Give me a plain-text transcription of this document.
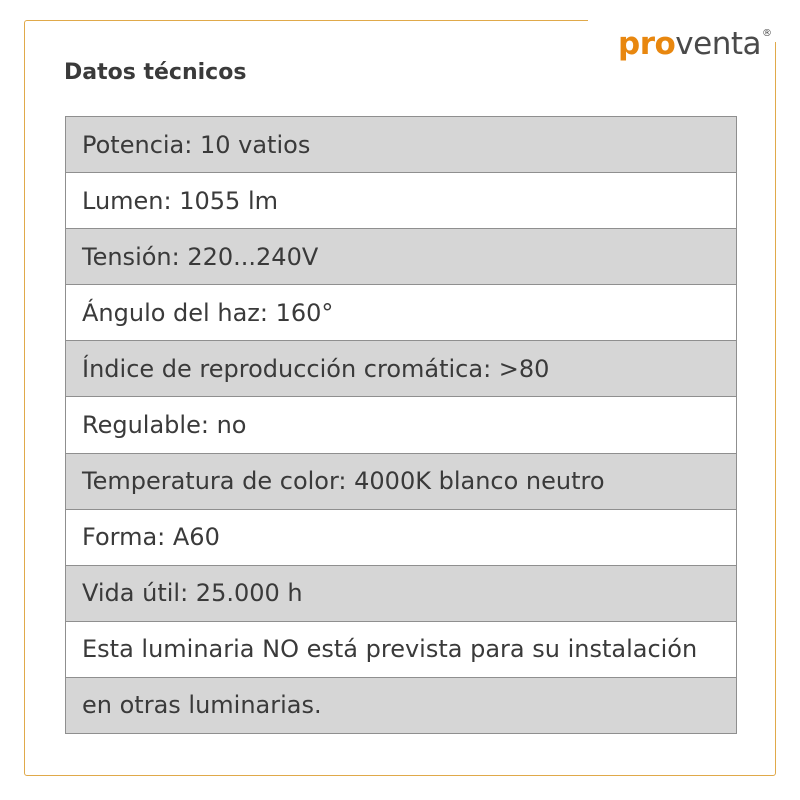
proventa®
Datos técnicos
Potencia: 10 vatios
Lumen: 1055 lm
Tensión: 220...240V
Ángulo del haz: 160°
Índice de reproducción cromática: >80
Regulable: no
Temperatura de color: 4000K blanco neutro
Forma: A60
Vida útil: 25.000 h
Esta luminaria NO está prevista para su instalación
en otras luminarias.
